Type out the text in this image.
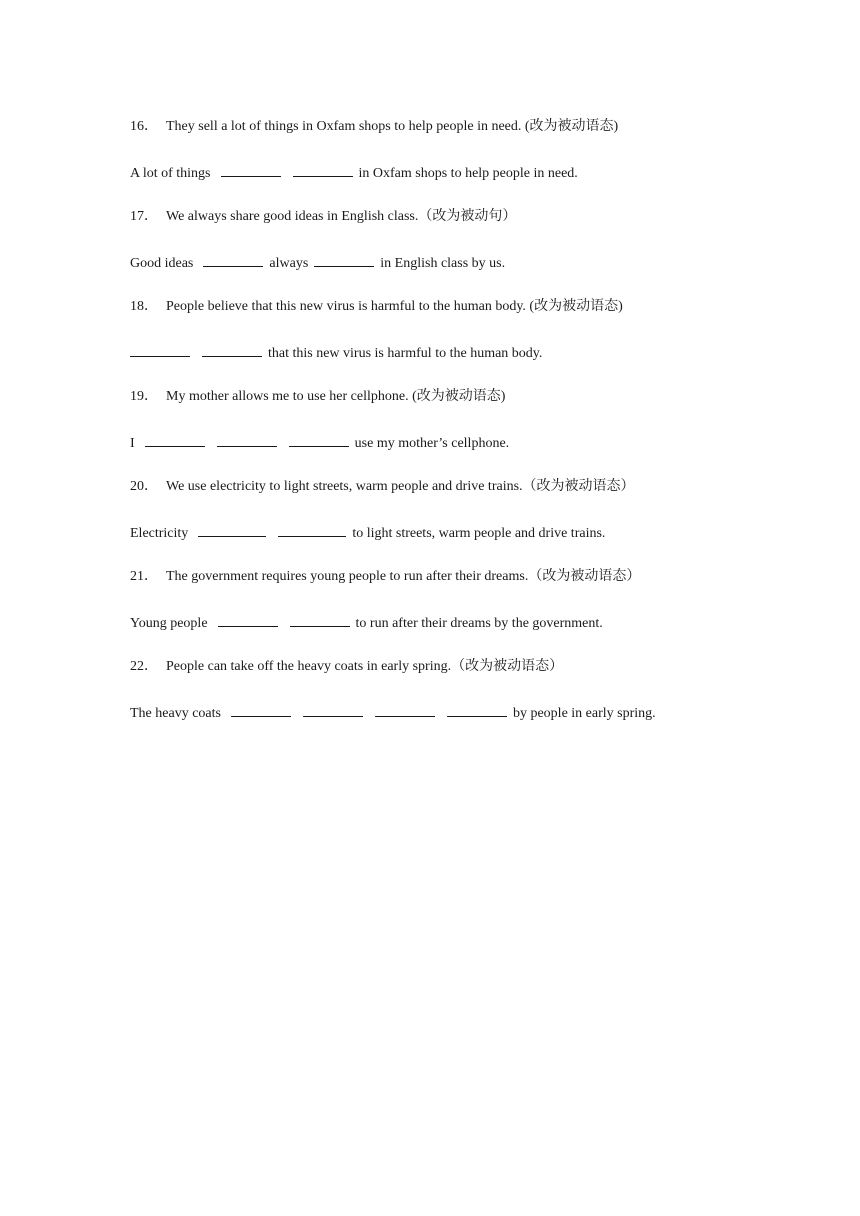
16． They sell a lot of things in Oxfam shops to help people in need. (改为被动语态)
A lot of things	in Oxfam shops to help people in need.
17． We always share good ideas in English class.（改为被动句）
Good ideas	always	in English class by us.
18． People believe that this new virus is harmful to the human body. (改为被动语态)
that this new virus is harmful to the human body.
19． My mother allows me to use her cellphone. (改为被动语态)
I	use my mother’s cellphone.
20． We use electricity to light streets, warm people and drive trains.（改为被动语态）
Electricity	to light streets, warm people and drive trains.
21． The government requires young people to run after their dreams.（改为被动语态）
Young people	to run after their dreams by the government.
22． People can take off the heavy coats in early spring.（改为被动语态）
The heavy coats	by people in early spring.
